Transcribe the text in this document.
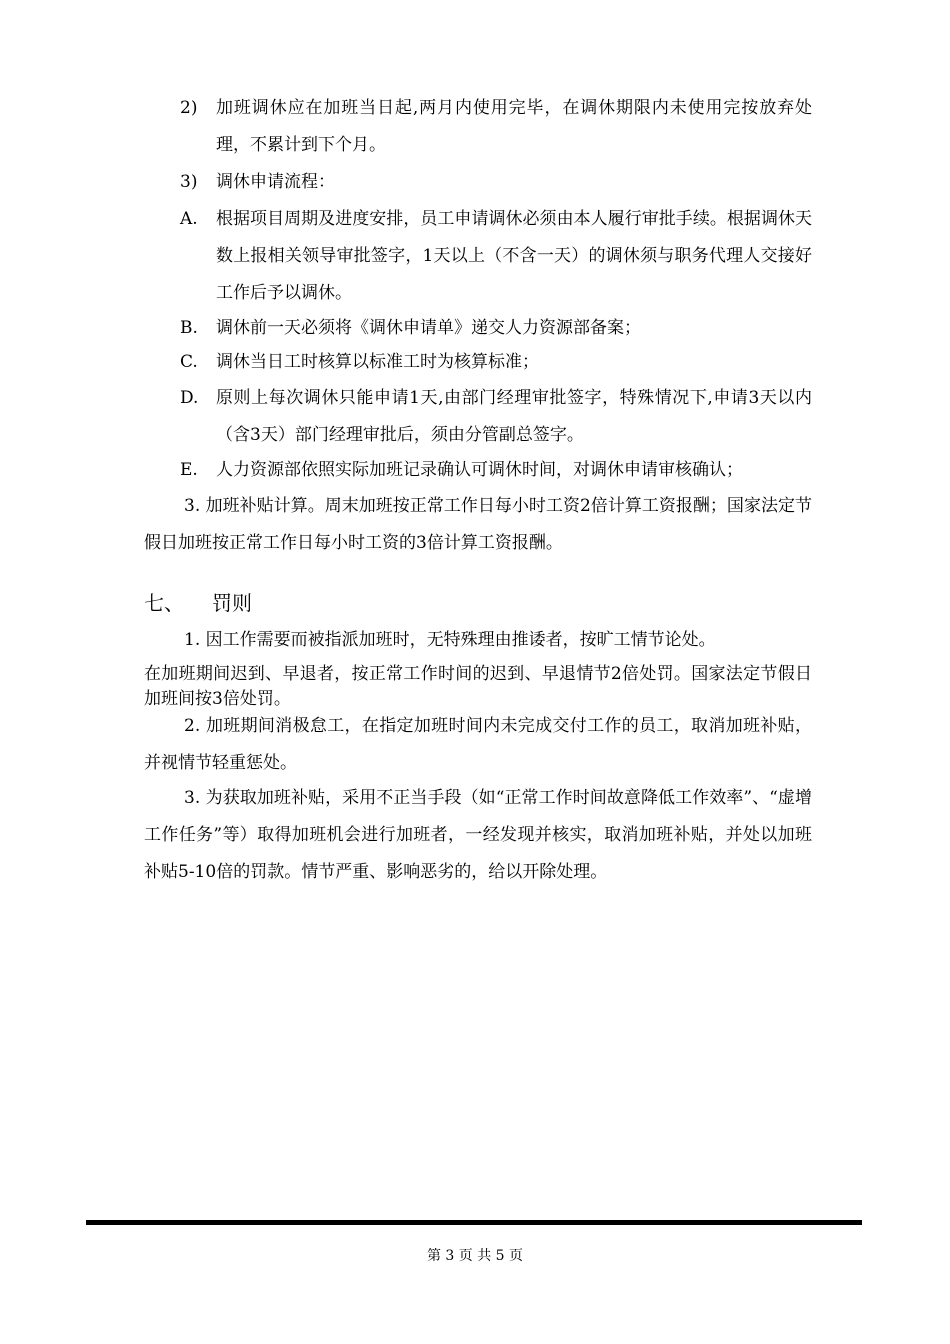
2)	加班调休应在加班当日起,两月内使用完毕，在调休期限内未使用完按放弃处理，不累计到下个月。
3)	调休申请流程：
A.	根据项目周期及进度安排，员工申请调休必须由本人履行审批手续。根据调休天数上报相关领导审批签字，1天以上（不含一天）的调休须与职务代理人交接好工作后予以调休。
B.	调休前一天必须将《调休申请单》递交人力资源部备案；
C.	调休当日工时核算以标准工时为核算标准；
D.	原则上每次调休只能申请1天,由部门经理审批签字，特殊情况下,申请3天以内（含3天）部门经理审批后，须由分管副总签字。
E.	人力资源部依照实际加班记录确认可调休时间，对调休申请审核确认；
3. 加班补贴计算。周末加班按正常工作日每小时工资2倍计算工资报酬；国家法定节假日加班按正常工作日每小时工资的3倍计算工资报酬。
七、 罚则
1. 因工作需要而被指派加班时，无特殊理由推诿者，按旷工情节论处。
在加班期间迟到、早退者，按正常工作时间的迟到、早退情节2倍处罚。国家法定节假日加班间按3倍处罚。
2. 加班期间消极怠工，在指定加班时间内未完成交付工作的员工，取消加班补贴，并视情节轻重惩处。
3. 为获取加班补贴，采用不正当手段（如“正常工作时间故意降低工作效率”、“虚增工作任务”等）取得加班机会进行加班者，一经发现并核实，取消加班补贴，并处以加班补贴5-10倍的罚款。情节严重、影响恶劣的，给以开除处理。
第 3 页 共 5 页
